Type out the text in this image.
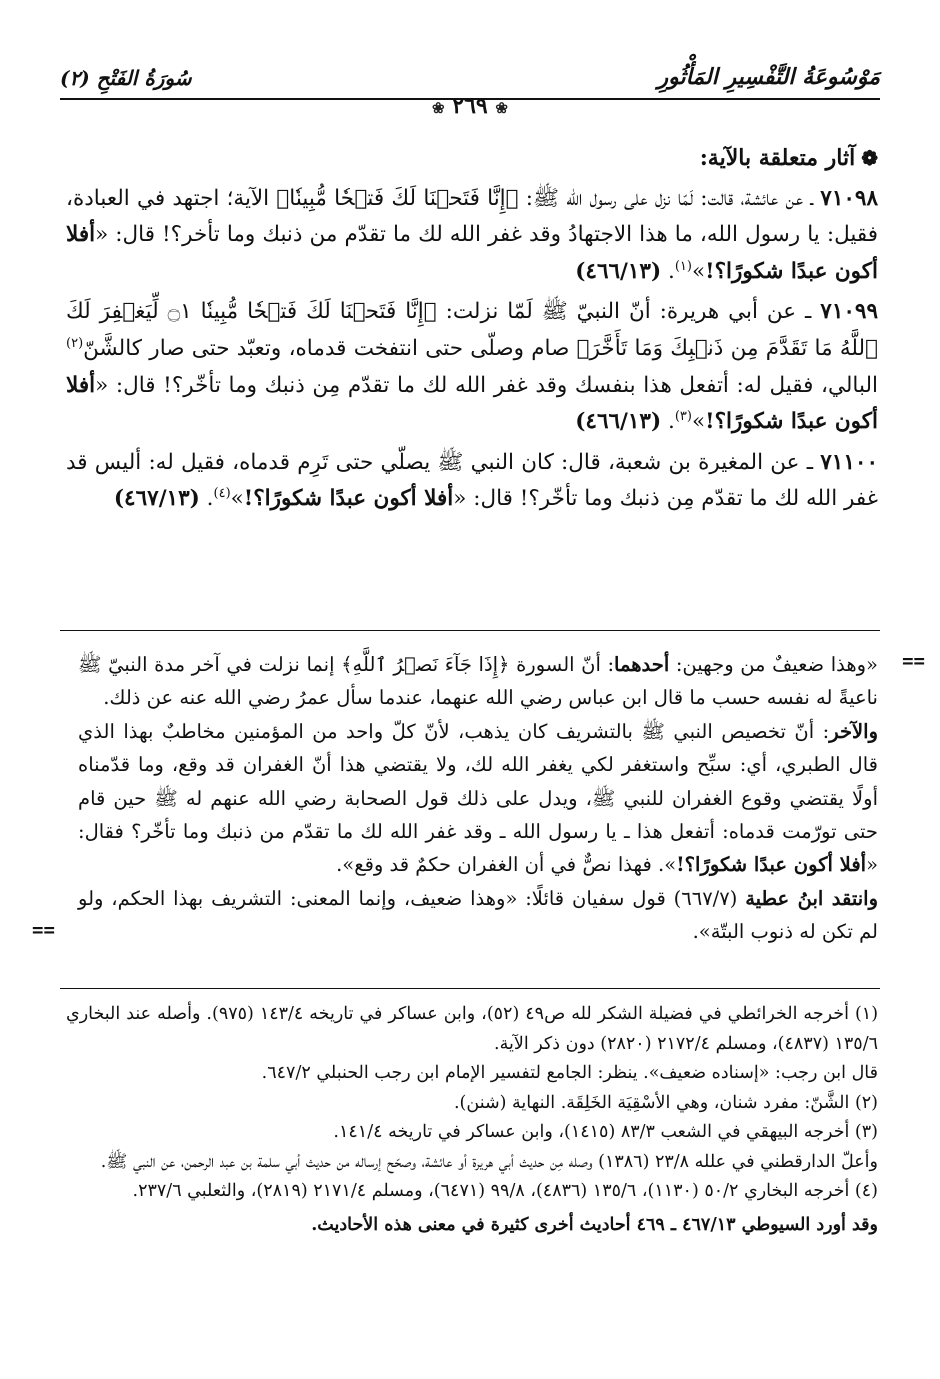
مَوْسُوعَةُ التَّفْسِيرِ المَأْثُورِ
سُورَةُ الفَتْحِ (٢)
❀ ٢٦٩ ❀

❁آثار متعلقة بالآية:

٧١٠٩٨ ـ عن عائشة، قالت: لَمّا نزل على رسول الله ﷺ: ﴿إِنَّا فَتَحۡنَا لَكَ فَتۡحٗا مُّبِينٗا﴾ الآية؛ اجتهد في العبادة، فقيل: يا رسول الله، ما هذا الاجتهادُ وقد غفر الله لك ما تقدّم من ذنبك وما تأخر؟! قال: «أفلا أكون عبدًا شكورًا؟!»$^{(١)}$. (٤٦٦/١٣)

٧١٠٩٩ ـ عن أبي هريرة: أنّ النبيّ ﷺ لَمّا نزلت: ﴿إِنَّا فَتَحۡنَا لَكَ فَتۡحٗا مُّبِينٗا ۝١ لِّيَغۡفِرَ لَكَ ٱللَّهُ مَا تَقَدَّمَ مِن ذَنۢبِكَ وَمَا تَأَخَّرَ﴾ صام وصلّى حتى انتفخت قدماه، وتعبّد حتى صار كالشَّنّ$^{(٢)}$ البالي، فقيل له: أتفعل هذا بنفسك وقد غفر الله لك ما تقدّم مِن ذنبك وما تأخّر؟! قال: «أفلا أكون عبدًا شكورًا؟!»$^{(٣)}$. (٤٦٦/١٣)

٧١١٠٠ ـ عن المغيرة بن شعبة، قال: كان النبي ﷺ يصلّي حتى تَرِم قدماه، فقيل له: أليس قد غفر الله لك ما تقدّم مِن ذنبك وما تأخّر؟! قال: «أفلا أكون عبدًا شكورًا؟!»$^{(٤)}$. (٤٦٧/١٣)

==

«وهذا ضعيفٌ من وجهين: أحدهما: أنّ السورة ﴿إِذَا جَآءَ نَصۡرُ ٱللَّهِ﴾ إنما نزلت في آخر مدة النبيّ ﷺ ناعيةً له نفسه حسب ما قال ابن عباس رضي الله عنهما، عندما سأل عمرُ رضي الله عنه عن ذلك.

والآخر: أنّ تخصيص النبي ﷺ بالتشريف كان يذهب، لأنّ كلّ واحد من المؤمنين مخاطبٌ بهذا الذي قال الطبري، أي: سبِّح واستغفر لكي يغفر الله لك، ولا يقتضي هذا أنّ الغفران قد وقع، وما قدّمناه أولًا يقتضي وقوع الغفران للنبي ﷺ، ويدل على ذلك قول الصحابة رضي الله عنهم له ﷺ حين قام حتى تورّمت قدماه: أتفعل هذا ـ يا رسول الله ـ وقد غفر الله لك ما تقدّم من ذنبك وما تأخّر؟ فقال: «أفلا أكون عبدًا شكورًا؟!». فهذا نصٌّ في أن الغفران حكمٌ قد وقع».

وانتقد ابنُ عطية (٦٦٧/٧) قول سفيان قائلًا: «وهذا ضعيف، وإنما المعنى: التشريف بهذا الحكم، ولو لم تكن له ذنوب البتّة».

==

(١) أخرجه الخرائطي في فضيلة الشكر لله ص٤٩ (٥٢)، وابن عساكر في تاريخه ١٤٣/٤ (٩٧٥). وأصله عند البخاري ١٣٥/٦ (٤٨٣٧)، ومسلم ٢١٧٢/٤ (٢٨٢٠) دون ذكر الآية.

قال ابن رجب: «إسناده ضعيف». ينظر: الجامع لتفسير الإمام ابن رجب الحنبلي ٦٤٧/٢.

(٢) الشَّنّ: مفرد شنان، وهي الأسْقِيَة الخَلِقَة. النهاية (شنن).

(٣) أخرجه البيهقي في الشعب ٨٣/٣ (١٤١٥)، وابن عساكر في تاريخه ١٤١/٤.

وأعلّ الدارقطني في علله ٢٣/٨ (١٣٨٦) وصله مِن حديث أبي هريرة أو عائشة، وصحّح إرساله من حديث أبي سلمة بن عبد الرحمن، عن النبي ﷺ.

(٤) أخرجه البخاري ٥٠/٢ (١١٣٠)، ١٣٥/٦ (٤٨٣٦)، ٩٩/٨ (٦٤٧١)، ومسلم ٢١٧١/٤ (٢٨١٩)، والثعلبي ٢٣٧/٦.

وقد أورد السيوطي ٤٦٧/١٣ ـ ٤٦٩ أحاديث أخرى كثيرة في معنى هذه الأحاديث.
